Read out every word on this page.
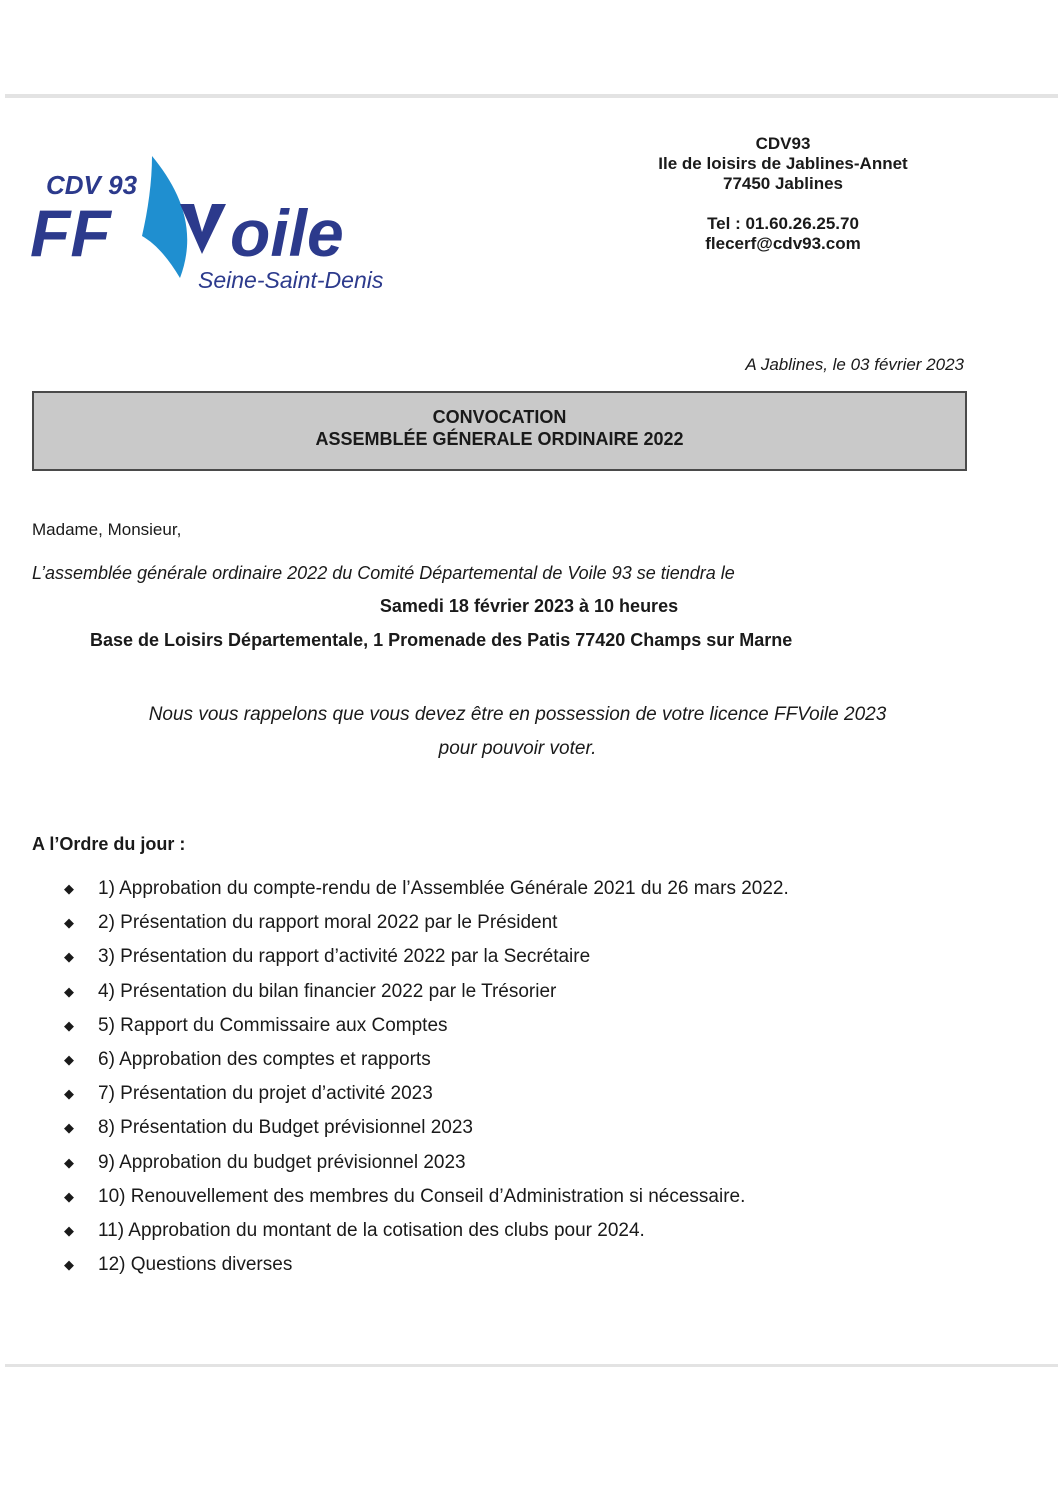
CDV 93
FF oile
Seine-Saint-Denis
CDV93
Ile de loisirs de Jablines-Annet
77450 Jablines
Tel : 01.60.26.25.70
flecerf@cdv93.com
A Jablines, le 03 février 2023
CONVOCATION
ASSEMBLÉE GÉNERALE ORDINAIRE 2022
Madame, Monsieur,
L’assemblée générale ordinaire 2022 du Comité Départemental de Voile 93 se tiendra le
Samedi 18 février 2023 à 10 heures
Base de Loisirs Départementale, 1 Promenade des Patis 77420 Champs sur Marne
Nous vous rappelons que vous devez être en possession de votre licence FFVoile 2023
pour pouvoir voter.
A l’Ordre du jour :
◆	1) Approbation du compte-rendu de l’Assemblée Générale 2021 du 26 mars 2022.
◆	2) Présentation du rapport moral 2022 par le Président
◆	3) Présentation du rapport d’activité 2022 par la Secrétaire
◆	4) Présentation du bilan financier 2022 par le Trésorier
◆	5) Rapport du Commissaire aux Comptes
◆	6) Approbation des comptes et rapports
◆	7) Présentation du projet d’activité 2023
◆	8) Présentation du Budget prévisionnel 2023
◆	9) Approbation du budget prévisionnel 2023
◆	10) Renouvellement des membres du Conseil d’Administration si nécessaire.
◆	11) Approbation du montant de la cotisation des clubs pour 2024.
◆	12) Questions diverses
